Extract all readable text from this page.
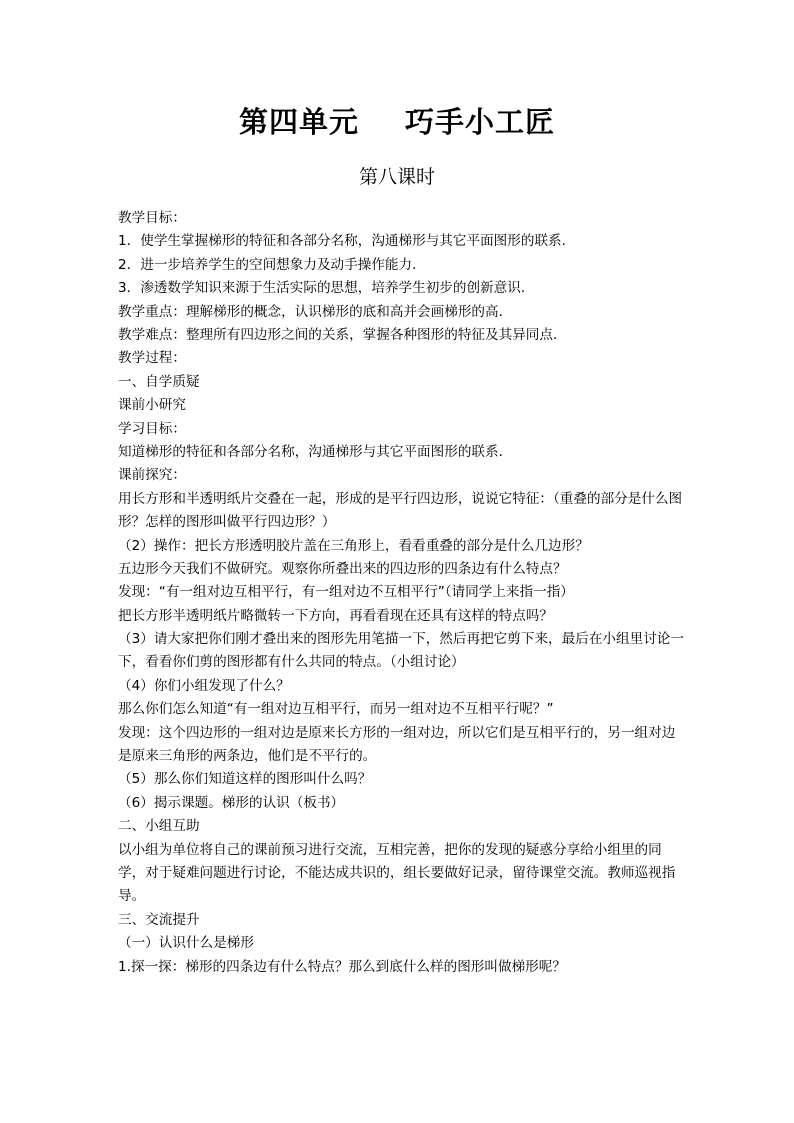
第四单元 巧手小工匠
第八课时
教学目标：
1．使学生掌握梯形的特征和各部分名称，沟通梯形与其它平面图形的联系．
2．进一步培养学生的空间想象力及动手操作能力．
3．渗透数学知识来源于生活实际的思想，培养学生初步的创新意识．
教学重点：理解梯形的概念，认识梯形的底和高并会画梯形的高．
教学难点：整理所有四边形之间的关系，掌握各种图形的特征及其异同点．
教学过程：
一、自学质疑
课前小研究
学习目标：
知道梯形的特征和各部分名称，沟通梯形与其它平面图形的联系．
课前探究：
用长方形和半透明纸片交叠在一起，形成的是平行四边形，说说它特征：（重叠的部分是什么图形？怎样的图形叫做平行四边形？）
（2）操作：把长方形透明胶片盖在三角形上，看看重叠的部分是什么几边形？
五边形今天我们不做研究。观察你所叠出来的四边形的四条边有什么特点？
发现：“有一组对边互相平行，有一组对边不互相平行”（请同学上来指一指）
把长方形半透明纸片略微转一下方向，再看看现在还具有这样的特点吗？
（3）请大家把你们刚才叠出来的图形先用笔描一下，然后再把它剪下来，最后在小组里讨论一下，看看你们剪的图形都有什么共同的特点。（小组讨论）
（4）你们小组发现了什么？
那么你们怎么知道“有一组对边互相平行，而另一组对边不互相平行呢？”
发现：这个四边形的一组对边是原来长方形的一组对边，所以它们是互相平行的，另一组对边是原来三角形的两条边，他们是不平行的。
（5）那么你们知道这样的图形叫什么吗？
（6）揭示课题。梯形的认识（板书）
二、小组互助
以小组为单位将自己的课前预习进行交流，互相完善，把你的发现的疑惑分享给小组里的同学，对于疑难问题进行讨论，不能达成共识的，组长要做好记录，留待课堂交流。教师巡视指导。
三、交流提升
（一）认识什么是梯形
1.探一探：梯形的四条边有什么特点？那么到底什么样的图形叫做梯形呢？
